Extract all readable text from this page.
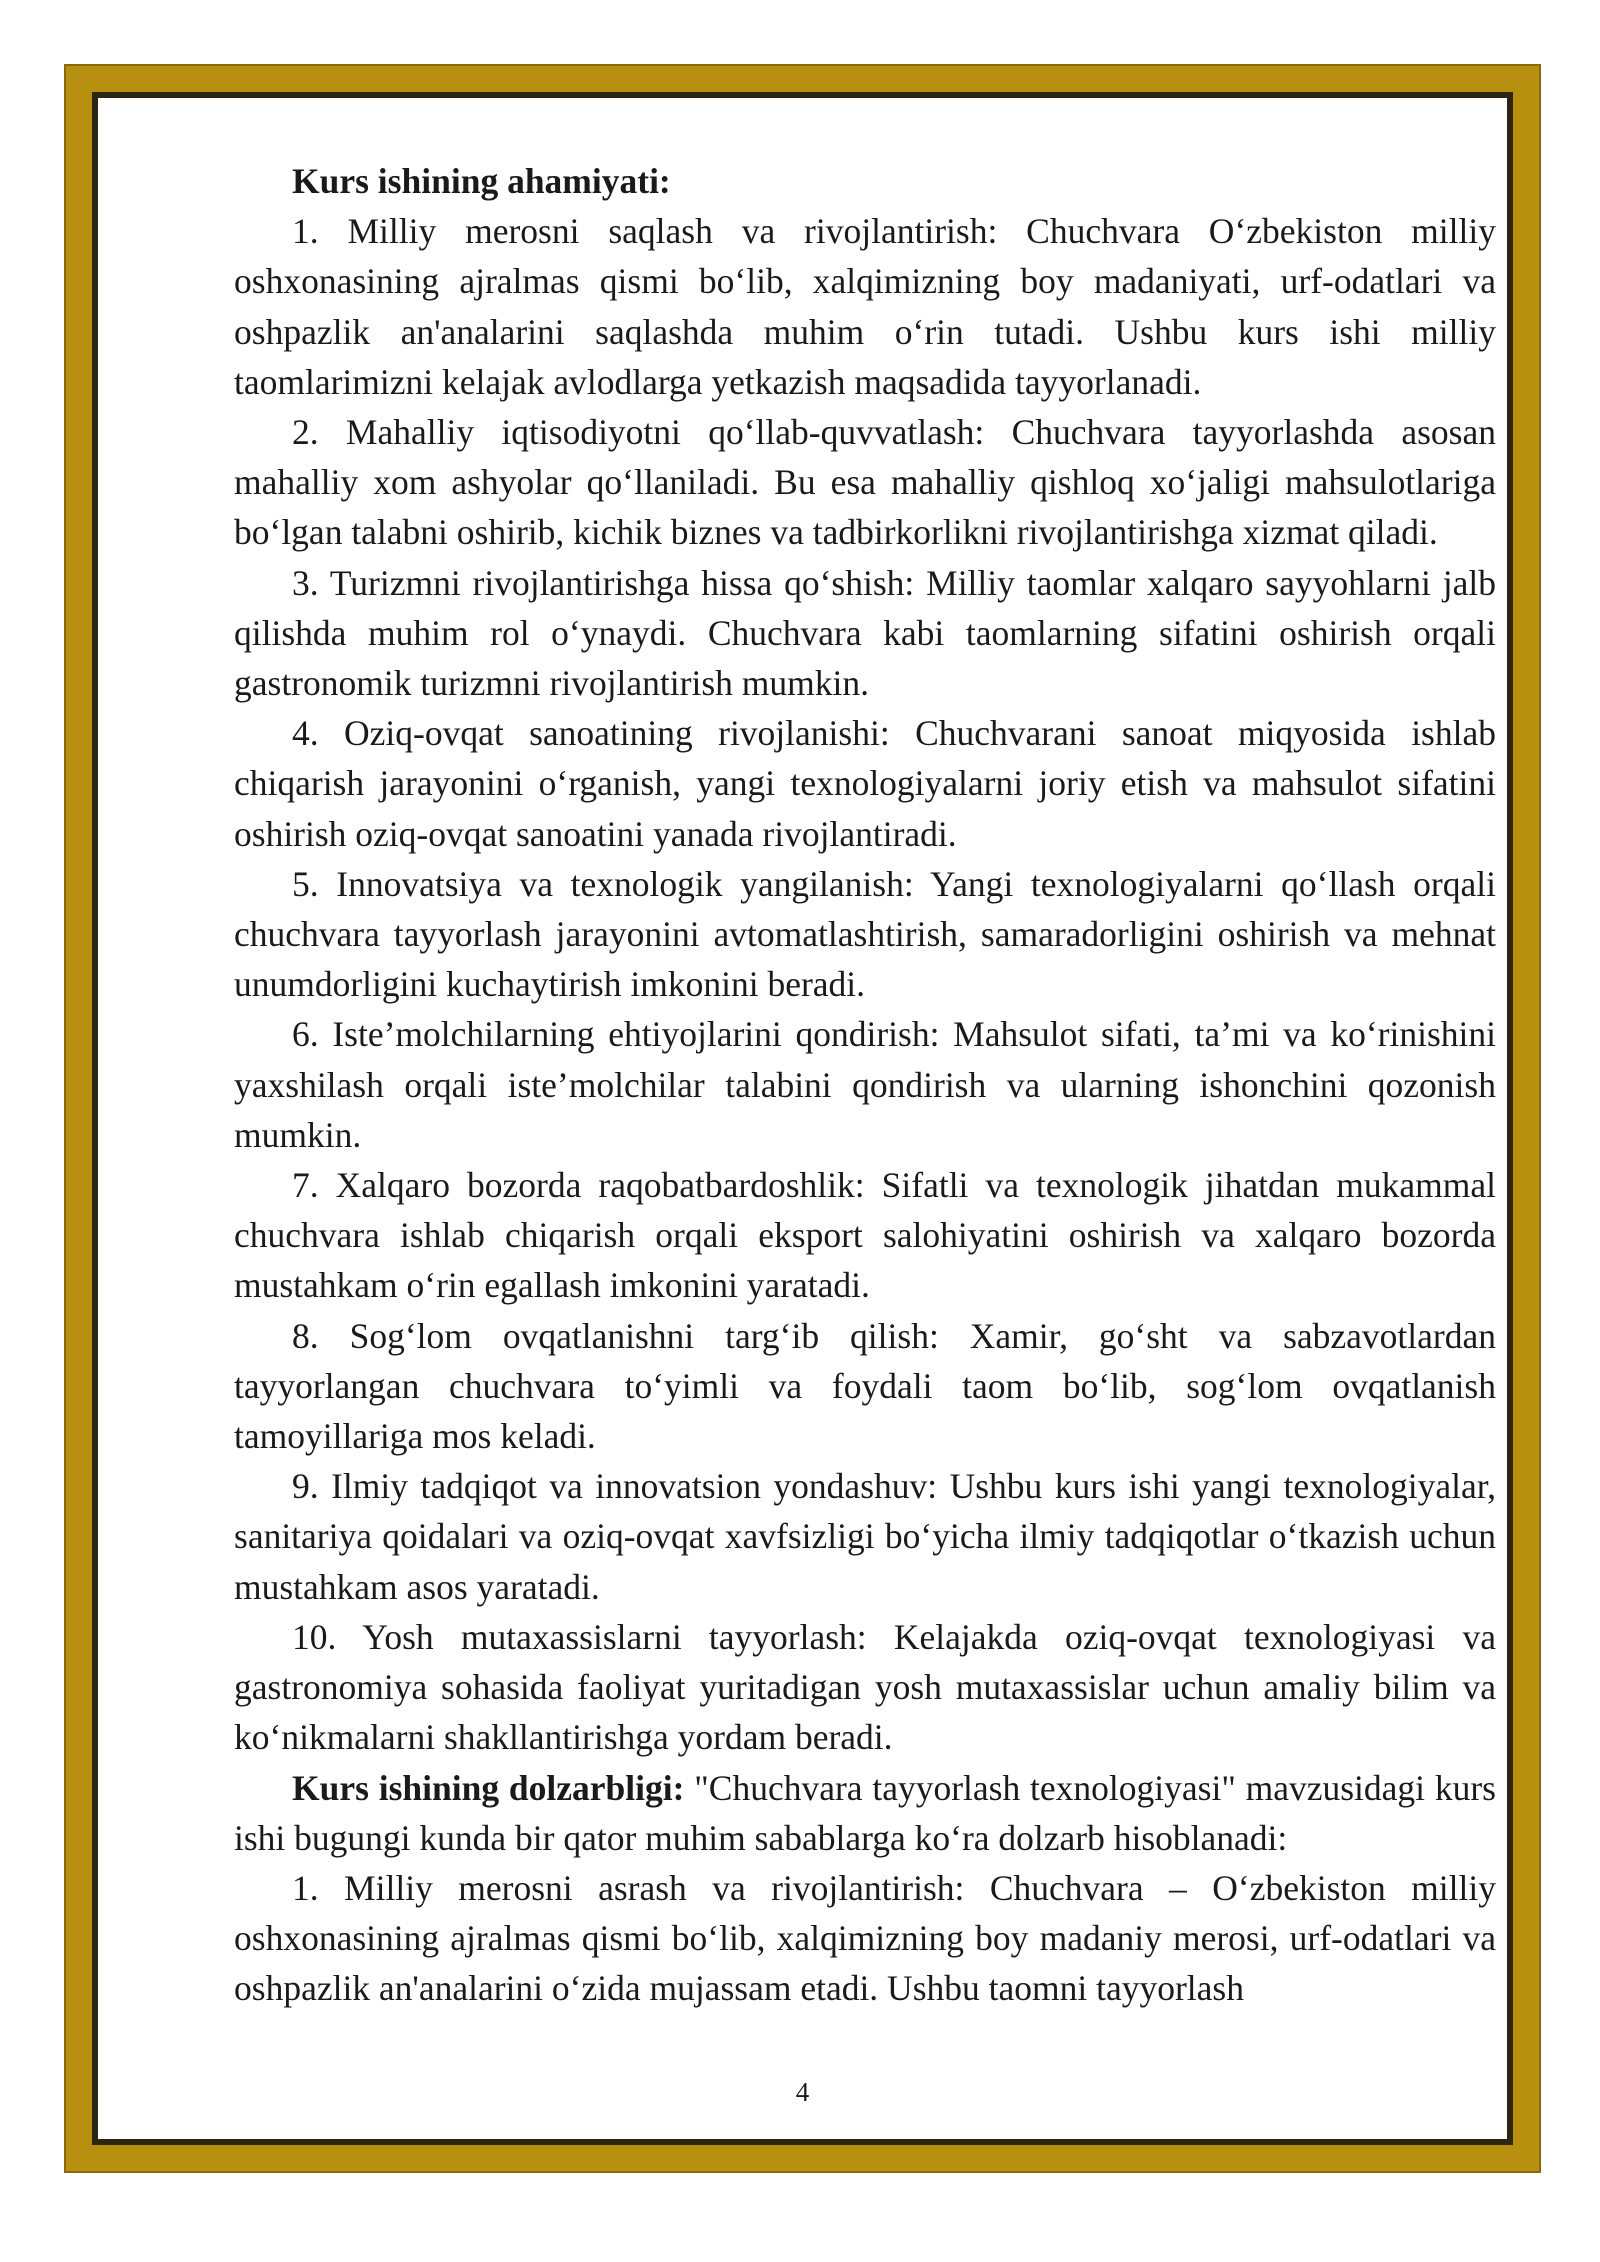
Kurs ishining ahamiyati:

1. Milliy merosni saqlash va rivojlantirish: Chuchvara O‘zbekiston milliy oshxonasining ajralmas qismi bo‘lib, xalqimizning boy madaniyati, urf-odatlari va oshpazlik an'analarini saqlashda muhim o‘rin tutadi. Ushbu kurs ishi milliy taomlarimizni kelajak avlodlarga yetkazish maqsadida tayyorlanadi.

2. Mahalliy iqtisodiyotni qo‘llab-quvvatlash: Chuchvara tayyorlashda asosan mahalliy xom ashyolar qo‘llaniladi. Bu esa mahalliy qishloq xo‘jaligi mahsulotlariga bo‘lgan talabni oshirib, kichik biznes va tadbirkorlikni rivojlantirishga xizmat qiladi.

3. Turizmni rivojlantirishga hissa qo‘shish: Milliy taomlar xalqaro sayyohlarni jalb qilishda muhim rol o‘ynaydi. Chuchvara kabi taomlarning sifatini oshirish orqali gastronomik turizmni rivojlantirish mumkin.

4. Oziq-ovqat sanoatining rivojlanishi: Chuchvarani sanoat miqyosida ishlab chiqarish jarayonini o‘rganish, yangi texnologiyalarni joriy etish va mahsulot sifatini oshirish oziq-ovqat sanoatini yanada rivojlantiradi.

5. Innovatsiya va texnologik yangilanish: Yangi texnologiyalarni qo‘llash orqali chuchvara tayyorlash jarayonini avtomatlashtirish, samaradorligini oshirish va mehnat unumdorligini kuchaytirish imkonini beradi.

6. Iste’molchilarning ehtiyojlarini qondirish: Mahsulot sifati, ta’mi va ko‘rinishini yaxshilash orqali iste’molchilar talabini qondirish va ularning ishonchini qozonish mumkin.

7. Xalqaro bozorda raqobatbardoshlik: Sifatli va texnologik jihatdan mukammal chuchvara ishlab chiqarish orqali eksport salohiyatini oshirish va xalqaro bozorda mustahkam o‘rin egallash imkonini yaratadi.

8. Sog‘lom ovqatlanishni targ‘ib qilish: Xamir, go‘sht va sabzavotlardan tayyorlangan chuchvara to‘yimli va foydali taom bo‘lib, sog‘lom ovqatlanish tamoyillariga mos keladi.

9. Ilmiy tadqiqot va innovatsion yondashuv: Ushbu kurs ishi yangi texnologiyalar, sanitariya qoidalari va oziq-ovqat xavfsizligi bo‘yicha ilmiy tadqiqotlar o‘tkazish uchun mustahkam asos yaratadi.

10. Yosh mutaxassislarni tayyorlash: Kelajakda oziq-ovqat texnologiyasi va gastronomiya sohasida faoliyat yuritadigan yosh mutaxassislar uchun amaliy bilim va ko‘nikmalarni shakllantirishga yordam beradi.

Kurs ishining dolzarbligi: "Chuchvara tayyorlash texnologiyasi" mavzusidagi kurs ishi bugungi kunda bir qator muhim sabablarga ko‘ra dolzarb hisoblanadi:

1. Milliy merosni asrash va rivojlantirish: Chuchvara – O‘zbekiston milliy oshxonasining ajralmas qismi bo‘lib, xalqimizning boy madaniy merosi, urf-odatlari va oshpazlik an'analarini o‘zida mujassam etadi. Ushbu taomni tayyorlash

4
